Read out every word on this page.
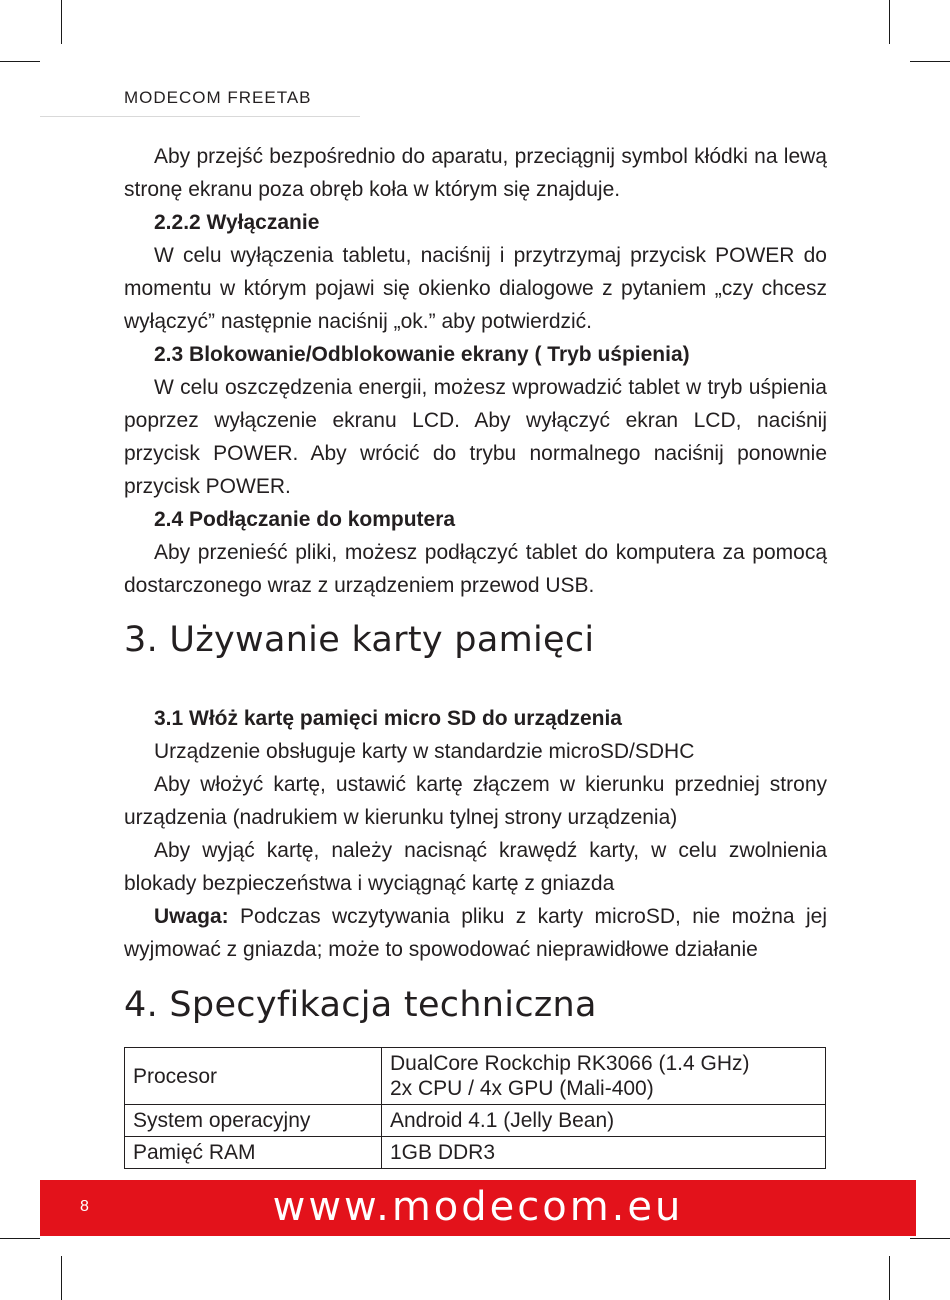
MODECOM FREETAB

Aby przejść bezpośrednio do aparatu, przeciągnij symbol kłódki na lewą stronę ekranu poza obręb koła w którym się znajduje.

2.2.2 Wyłączanie

W celu wyłączenia tabletu, naciśnij i przytrzymaj przycisk POWER do momentu w którym pojawi się okienko dialogowe z pytaniem „czy chcesz wyłączyć” następnie naciśnij „ok.” aby potwierdzić.

2.3 Blokowanie/Odblokowanie ekrany ( Tryb uśpienia)

W celu oszczędzenia energii, możesz wprowadzić tablet w tryb uśpienia poprzez wyłączenie ekranu LCD. Aby wyłączyć ekran LCD, naciśnij przycisk POWER. Aby wrócić do trybu normalnego naciśnij ponownie przycisk POWER.

2.4 Podłączanie do komputera

Aby przenieść pliki, możesz podłączyć tablet do komputera za pomocą dostarczonego wraz z urządzeniem przewod USB.

3. Używanie karty pamięci

3.1 Włóż kartę pamięci micro SD do urządzenia

Urządzenie obsługuje karty w standardzie microSD/SDHC

Aby włożyć kartę, ustawić kartę złączem w kierunku przedniej strony urządzenia (nadrukiem w kierunku tylnej strony urządzenia)

Aby wyjąć kartę, należy nacisnąć krawędź karty, w celu zwolnienia blokady bezpieczeństwa i wyciągnąć kartę z gniazda

Uwaga: Podczas wczytywania pliku z karty microSD, nie można jej wyjmować z gniazda; może to spowodować nieprawidłowe działanie

4. Specyfikacja techniczna
Procesor	DualCore Rockchip RK3066 (1.4 GHz)
2x CPU / 4x GPU (Mali-400)

System operacyjny	Android 4.1 (Jelly Bean)
Pamięć RAM	1GB DDR3
8	www.modecom.eu
